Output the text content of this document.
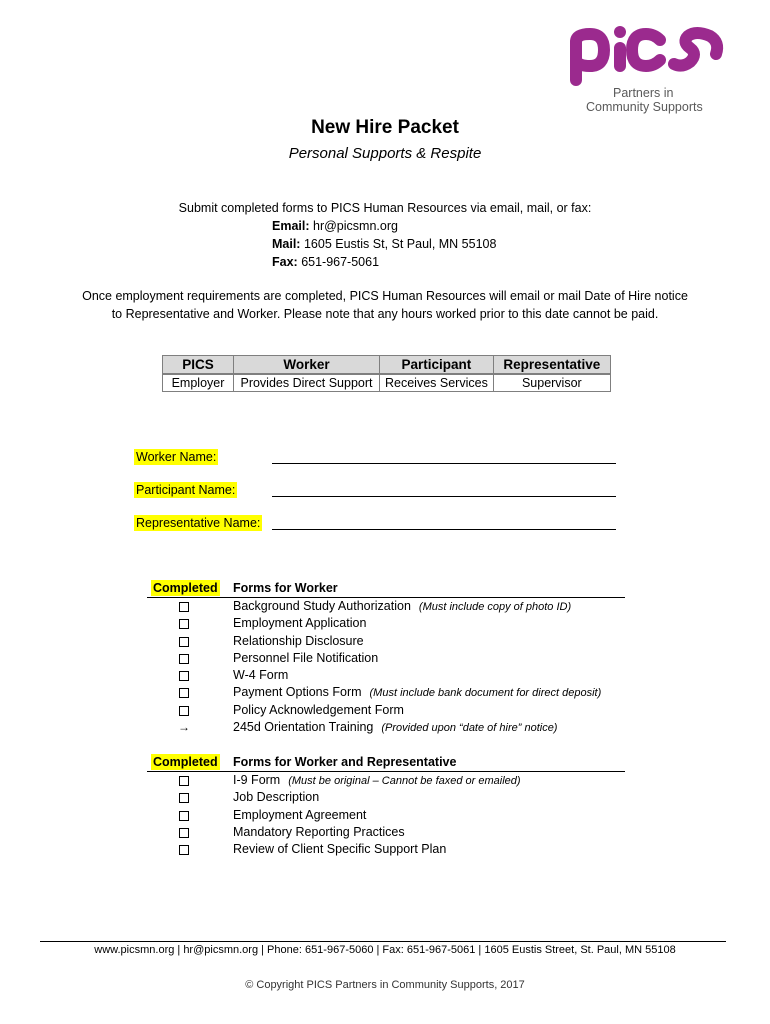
Partners in
Community Supports
New Hire Packet
Personal Supports & Respite
Submit completed forms to PICS Human Resources via email, mail, or fax:
Email: hr@picsmn.org
Mail: 1605 Eustis St, St Paul, MN 55108
Fax: 651-967-5061
Once employment requirements are completed, PICS Human Resources will email or mail Date of Hire notice
to Representative and Worker. Please note that any hours worked prior to this date cannot be paid.
PICS	Worker	Participant	Representative
Employer	Provides Direct Support	Receives Services	Supervisor
Worker Name:
Participant Name:
Representative Name:
Completed Forms for Worker
Background Study Authorization (Must include copy of photo ID)
Employment Application
Relationship Disclosure
Personnel File Notification
W-4 Form
Payment Options Form (Must include bank document for direct deposit)
Policy Acknowledgement Form
→	245d Orientation Training (Provided upon “date of hire” notice)
Completed Forms for Worker and Representative
I-9 Form (Must be original – Cannot be faxed or emailed)
Job Description
Employment Agreement
Mandatory Reporting Practices
Review of Client Specific Support Plan
www.picsmn.org | hr@picsmn.org | Phone: 651-967-5060 | Fax: 651-967-5061 | 1605 Eustis Street, St. Paul, MN 55108
© Copyright PICS Partners in Community Supports, 2017
